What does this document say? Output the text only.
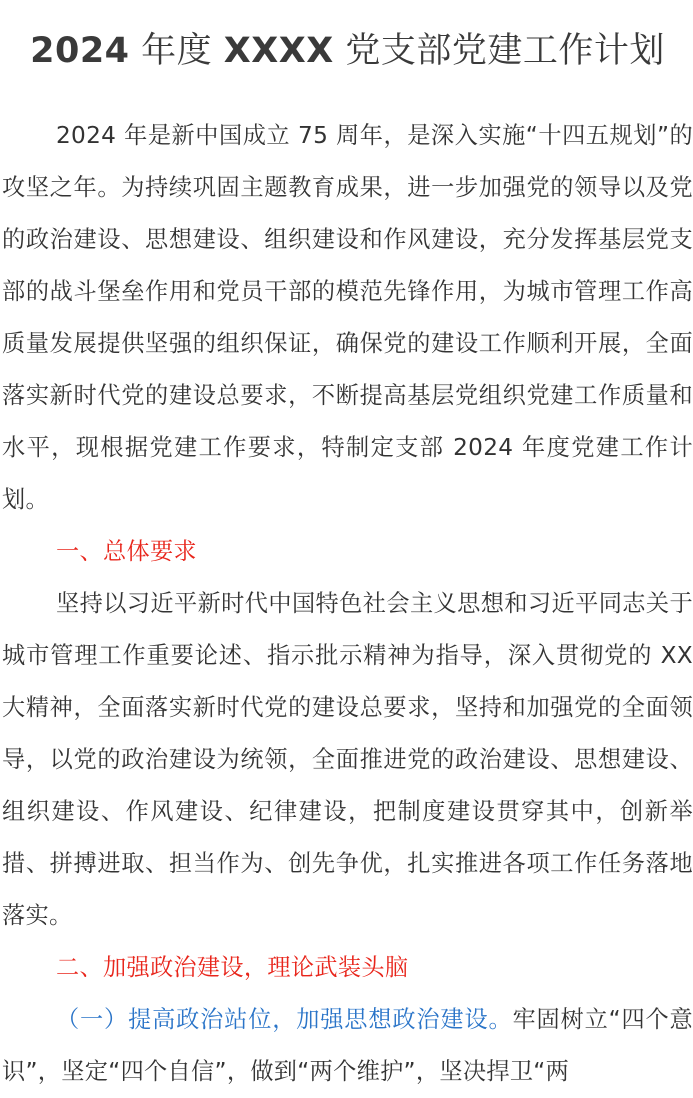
2024 年度 XXXX 党支部党建工作计划

2024 年是新中国成立 75 周年，是深入实施“十四五规划”的攻坚之年。为持续巩固主题教育成果，进一步加强党的领导以及党的政治建设、思想建设、组织建设和作风建设，充分发挥基层党支部的战斗堡垒作用和党员干部的模范先锋作用，为城市管理工作高质量发展提供坚强的组织保证，确保党的建设工作顺利开展，全面落实新时代党的建设总要求，不断提高基层党组织党建工作质量和水平，现根据党建工作要求，特制定支部 2024 年度党建工作计划。

一、总体要求

坚持以习近平新时代中国特色社会主义思想和习近平同志关于城市管理工作重要论述、指示批示精神为指导，深入贯彻党的 XX 大精神，全面落实新时代党的建设总要求，坚持和加强党的全面领导，以党的政治建设为统领，全面推进党的政治建设、思想建设、组织建设、作风建设、纪律建设，把制度建设贯穿其中，创新举措、拼搏进取、担当作为、创先争优，扎实推进各项工作任务落地落实。

二、加强政治建设，理论武装头脑

（一）提高政治站位，加强思想政治建设。牢固树立“四个意识”，坚定“四个自信”，做到“两个维护”，坚决捍卫“两
